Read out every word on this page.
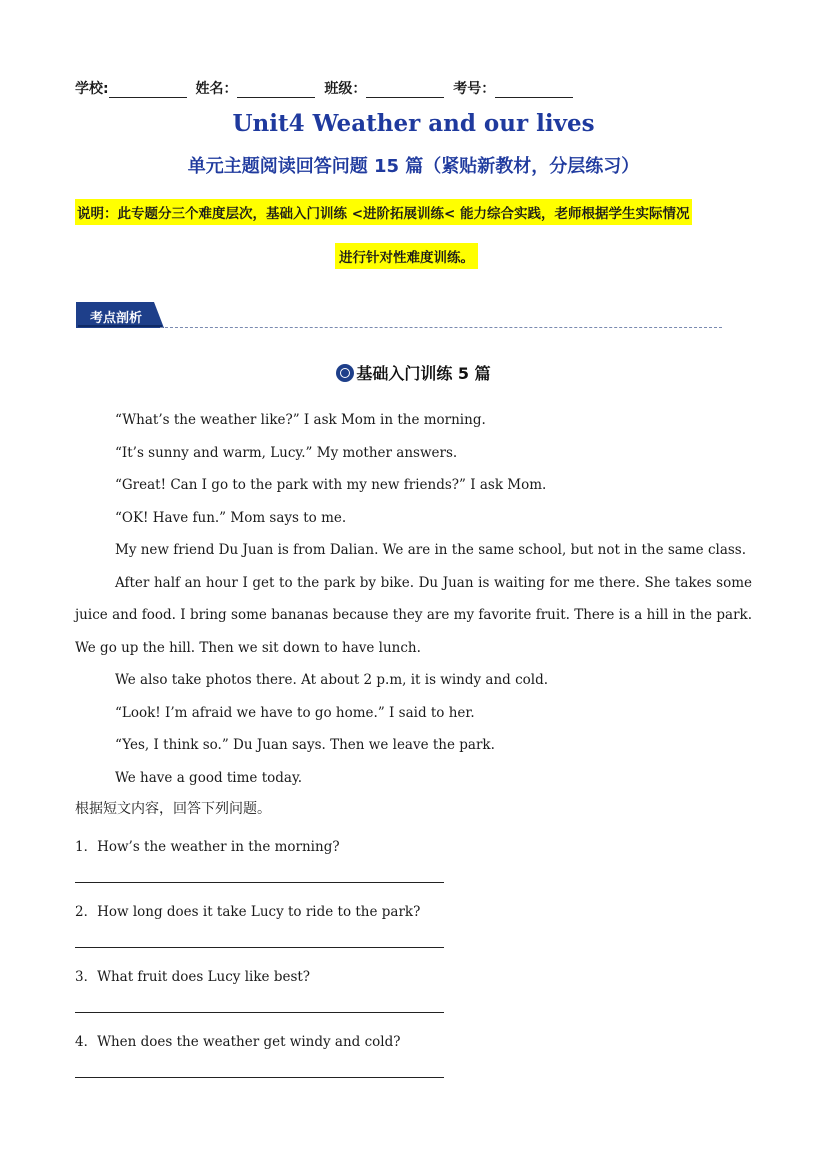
学校:	姓名：	班级：	考号：
Unit4 Weather and our lives
单元主题阅读回答问题 15 篇（紧贴新教材，分层练习）
说明：此专题分三个难度层次，基础入门训练 <进阶拓展训练< 能力综合实践，老师根据学生实际情况
进行针对性难度训练。
考点剖析
基础入门训练 5 篇

“What’s the weather like?” I ask Mom in the morning.

“It’s sunny and warm, Lucy.” My mother answers.

“Great! Can I go to the park with my new friends?” I ask Mom.

“OK! Have fun.” Mom says to me.

My new friend Du Juan is from Dalian. We are in the same school, but not in the same class.

After half an hour I get to the park by bike. Du Juan is waiting for me there. She takes some juice and food. I bring some bananas because they are my favorite fruit. There is a hill in the park. We go up the hill. Then we sit down to have lunch.

We also take photos there. At about 2 p.m, it is windy and cold.

“Look! I’m afraid we have to go home.” I said to her.

“Yes, I think so.” Du Juan says. Then we leave the park.

We have a good time today.

根据短文内容，回答下列问题。
1．How’s the weather in the morning?
2．How long does it take Lucy to ride to the park?
3．What fruit does Lucy like best?
4．When does the weather get windy and cold?
